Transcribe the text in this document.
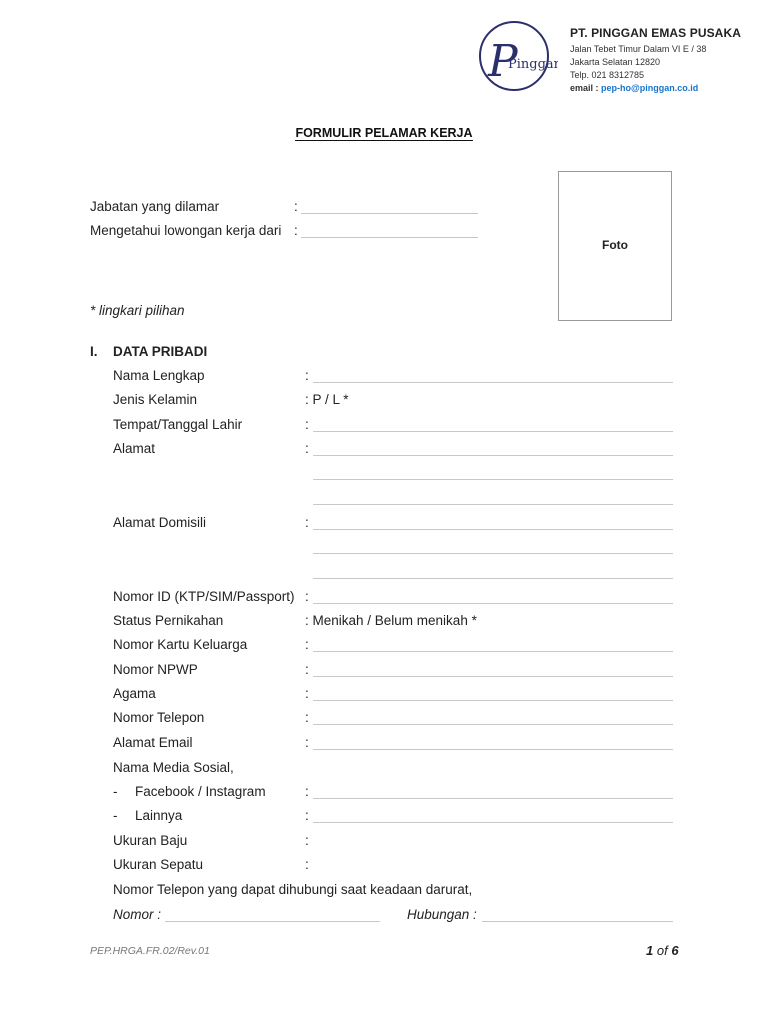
P
Pinggan
PT. PINGGAN EMAS PUSAKA
Jalan Tebet Timur Dalam VI E / 38
Jakarta Selatan 12820
Telp. 021 8312785
email : pep-ho@pinggan.co.id
FORMULIR PELAMAR KERJA
Foto
Jabatan yang dilamar	:
Mengetahui lowongan kerja dari :
* lingkari pilihan
I. DATA PRIBADI
Nama Lengkap	:
Jenis Kelamin	: P / L *
Tempat/Tanggal Lahir	:
Alamat	:
Alamat Domisili	:
Nomor ID (KTP/SIM/Passport) :
Status Pernikahan	: Menikah / Belum menikah *
Nomor Kartu Keluarga	:
Nomor NPWP	:
Agama	:
Nomor Telepon	:
Alamat Email	:
Nama Media Sosial,
- Facebook / Instagram	:
- Lainnya	:
Ukuran Baju	:
Ukuran Sepatu	:
Nomor Telepon yang dapat dihubungi saat keadaan darurat,
Nomor :	Hubungan :
PEP.HRGA.FR.02/Rev.01	1 of 6
